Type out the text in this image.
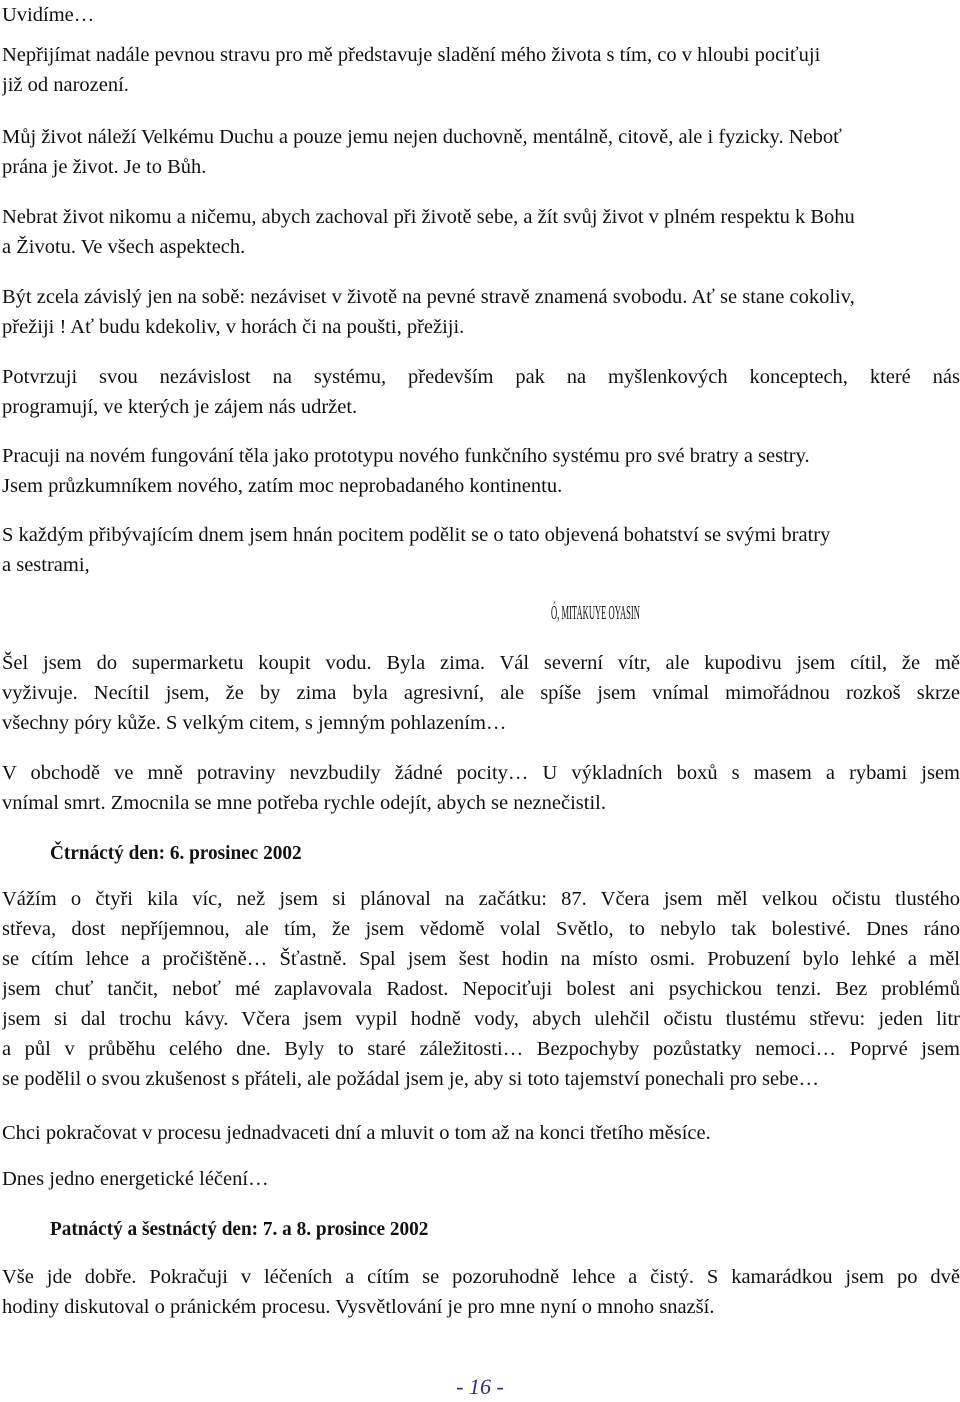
Uvidíme…
Nepřijímat nadále pevnou stravu pro mě představuje sladění mého života s tím, co v hloubi pociťuji
již od narození.
Můj život náleží Velkému Duchu a pouze jemu nejen duchovně, mentálně, citově, ale i fyzicky. Neboť
prána je život. Je to Bůh.
Nebrat život nikomu a ničemu, abych zachoval při životě sebe, a žít svůj život v plném respektu k Bohu
a Životu. Ve všech aspektech.
Být zcela závislý jen na sobě: nezáviset v životě na pevné stravě znamená svobodu. Ať se stane cokoliv,
přežiji ! Ať budu kdekoliv, v horách či na poušti, přežiji.
Potvrzuji svou nezávislost na systému, především pak na myšlenkových konceptech, které nás
programují, ve kterých je zájem nás udržet.
Pracuji na novém fungování těla jako prototypu nového funkčního systému pro své bratry a sestry.
Jsem průzkumníkem nového, zatím moc neprobadaného kontinentu.
S každým přibývajícím dnem jsem hnán pocitem podělit se o tato objevená bohatství se svými bratry
a sestrami,
Ó, MITAKUYE OYASIN
Šel jsem do supermarketu koupit vodu. Byla zima. Vál severní vítr, ale kupodivu jsem cítil, že mě
vyživuje. Necítil jsem, že by zima byla agresivní, ale spíše jsem vnímal mimořádnou rozkoš skrze
všechny póry kůže. S velkým citem, s jemným pohlazením…
V obchodě ve mně potraviny nevzbudily žádné pocity… U výkladních boxů s masem a rybami jsem
vnímal smrt. Zmocnila se mne potřeba rychle odejít, abych se neznečistil.
Čtrnáctý den: 6. prosinec 2002
Vážím o čtyři kila víc, než jsem si plánoval na začátku: 87. Včera jsem měl velkou očistu tlustého
střeva, dost nepříjemnou, ale tím, že jsem vědomě volal Světlo, to nebylo tak bolestivé. Dnes ráno
se cítím lehce a pročištěně… Šťastně. Spal jsem šest hodin na místo osmi. Probuzení bylo lehké a měl
jsem chuť tančit, neboť mé zaplavovala Radost. Nepociťuji bolest ani psychickou tenzi. Bez problémů
jsem si dal trochu kávy. Včera jsem vypil hodně vody, abych ulehčil očistu tlustému střevu: jeden litr
a půl v průběhu celého dne. Byly to staré záležitosti… Bezpochyby pozůstatky nemoci… Poprvé jsem
se podělil o svou zkušenost s přáteli, ale požádal jsem je, aby si toto tajemství ponechali pro sebe…
Chci pokračovat v procesu jednadvaceti dní a mluvit o tom až na konci třetího měsíce.
Dnes jedno energetické léčení…
Patnáctý a šestnáctý den: 7. a 8. prosince 2002
Vše jde dobře. Pokračuji v léčeních a cítím se pozoruhodně lehce a čistý. S kamarádkou jsem po dvě
hodiny diskutoval o pránickém procesu. Vysvětlování je pro mne nyní o mnoho snazší.
- 16 -
